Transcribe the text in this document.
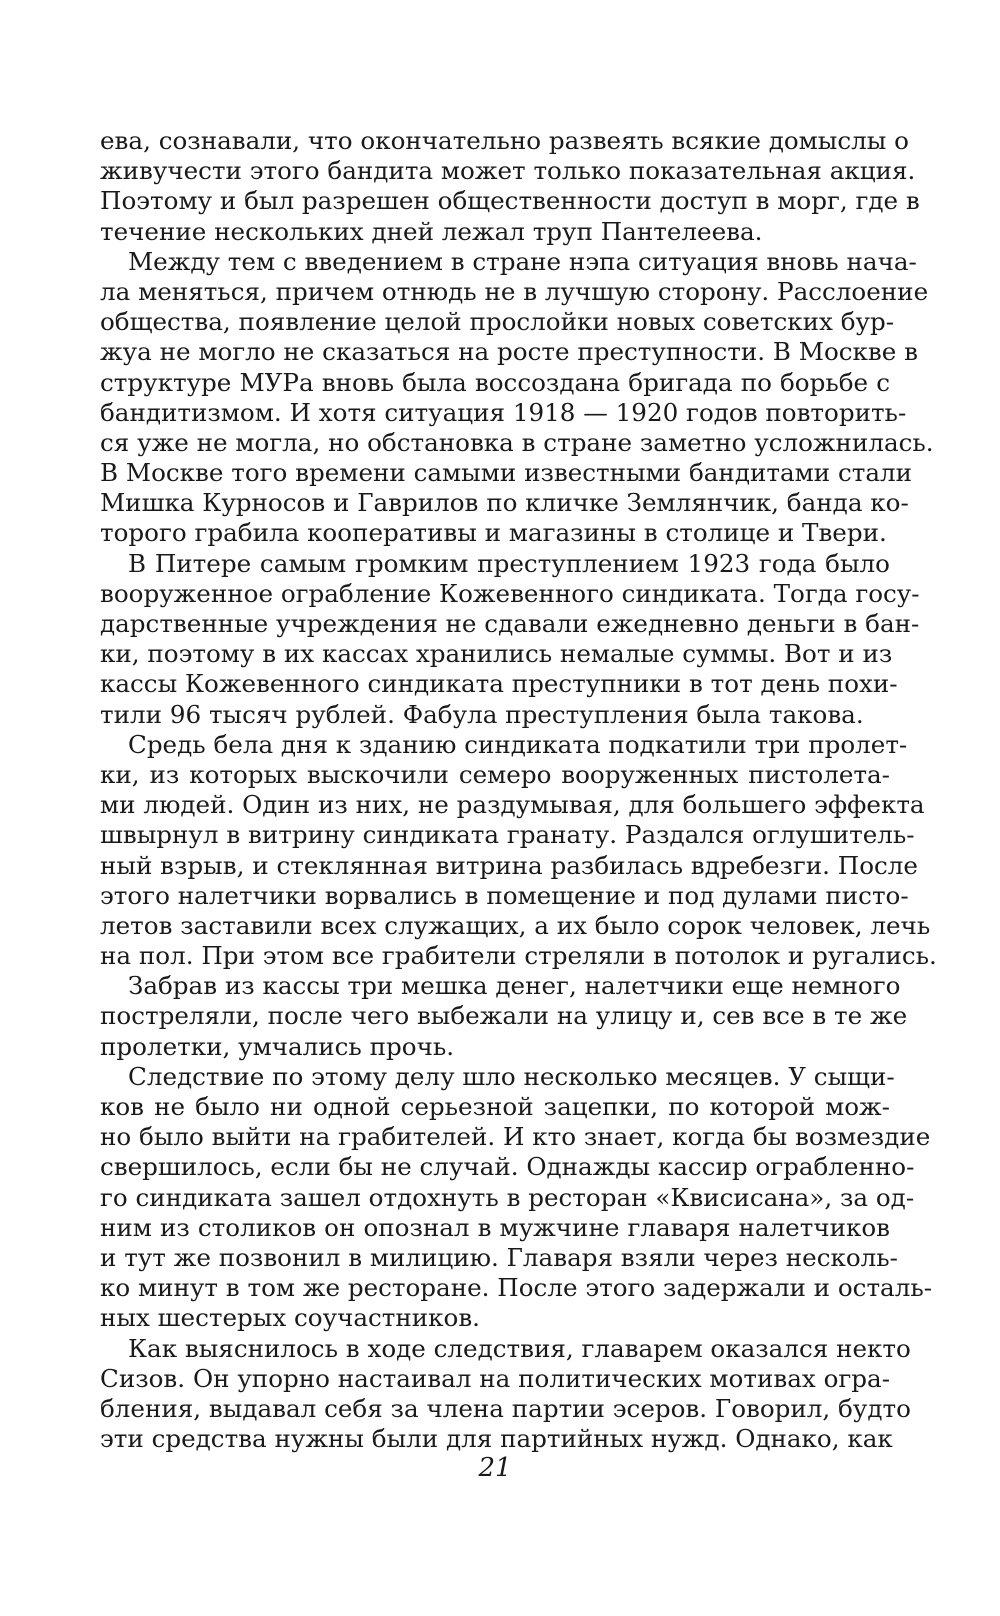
ева, сознавали, что окончательно развеять всякие домыслы о
живучести этого бандита может только показательная акция.
Поэтому и был разрешен общественности доступ в морг, где в
течение нескольких дней лежал труп Пантелеева.
Между тем с введением в стране нэпа ситуация вновь нача-
ла меняться, причем отнюдь не в лучшую сторону. Расслоение
общества, появление целой прослойки новых советских бур-
жуа не могло не сказаться на росте преступности. В Москве в
структуре МУРа вновь была воссоздана бригада по борьбе с
бандитизмом. И хотя ситуация 1918 — 1920 годов повторить-
ся уже не могла, но обстановка в стране заметно усложнилась.
В Москве того времени самыми известными бандитами стали
Мишка Курносов и Гаврилов по кличке Землянчик, банда ко-
торого грабила кооперативы и магазины в столице и Твери.
В Питере самым громким преступлением 1923 года было
вооруженное ограбление Кожевенного синдиката. Тогда госу-
дарственные учреждения не сдавали ежедневно деньги в бан-
ки, поэтому в их кассах хранились немалые суммы. Вот и из
кассы Кожевенного синдиката преступники в тот день похи-
тили 96 тысяч рублей. Фабула преступления была такова.
Средь бела дня к зданию синдиката подкатили три пролет-
ки, из которых выскочили семеро вооруженных пистолета-
ми людей. Один из них, не раздумывая, для большего эффекта
швырнул в витрину синдиката гранату. Раздался оглушитель-
ный взрыв, и стеклянная витрина разбилась вдребезги. После
этого налетчики ворвались в помещение и под дулами писто-
летов заставили всех служащих, а их было сорок человек, лечь
на пол. При этом все грабители стреляли в потолок и ругались.
Забрав из кассы три мешка денег, налетчики еще немного
постреляли, после чего выбежали на улицу и, сев все в те же
пролетки, умчались прочь.
Следствие по этому делу шло несколько месяцев. У сыщи-
ков не было ни одной серьезной зацепки, по которой мож-
но было выйти на грабителей. И кто знает, когда бы возмездие
свершилось, если бы не случай. Однажды кассир ограбленно-
го синдиката зашел отдохнуть в ресторан «Квисисана», за од-
ним из столиков он опознал в мужчине главаря налетчиков
и тут же позвонил в милицию. Главаря взяли через несколь-
ко минут в том же ресторане. После этого задержали и осталь-
ных шестерых соучастников.
Как выяснилось в ходе следствия, главарем оказался некто
Сизов. Он упорно настаивал на политических мотивах огра-
бления, выдавал себя за члена партии эсеров. Говорил, будто
эти средства нужны были для партийных нужд. Однако, как
21
